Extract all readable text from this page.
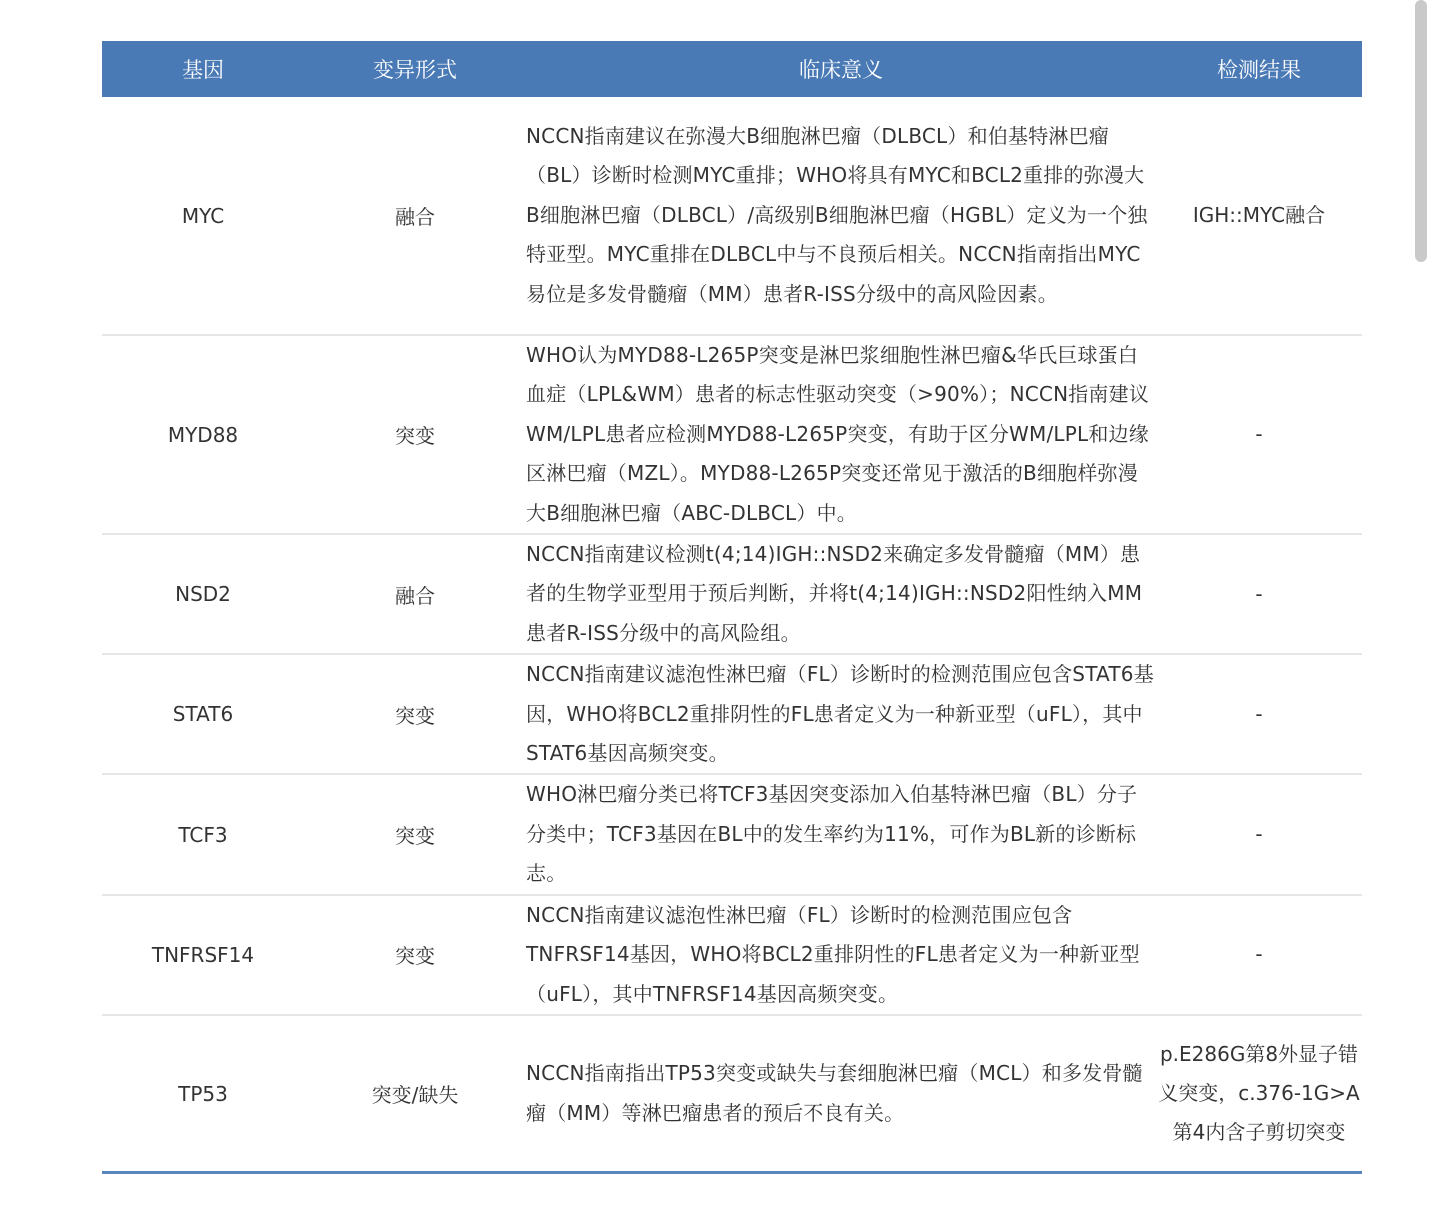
基因	变异形式	临床意义	检测结果
MYC	融合	NCCN指南建议在弥漫大B细胞淋巴瘤（DLBCL）和伯基特淋巴瘤（BL）诊断时检测MYC重排；WHO将具有MYC和BCL2重排的弥漫大B细胞淋巴瘤（DLBCL）/高级别B细胞淋巴瘤（HGBL）定义为一个独特亚型。MYC重排在DLBCL中与不良预后相关。NCCN指南指出MYC易位是多发骨髓瘤（MM）患者R-ISS分级中的高风险因素。	IGH::MYC融合
MYD88	突变	WHO认为MYD88-L265P突变是淋巴浆细胞性淋巴瘤&华氏巨球蛋白血症（LPL&WM）患者的标志性驱动突变（>90%）；NCCN指南建议WM/LPL患者应检测MYD88-L265P突变，有助于区分WM/LPL和边缘区淋巴瘤（MZL）。MYD88-L265P突变还常见于激活的B细胞样弥漫大B细胞淋巴瘤（ABC-DLBCL）中。	-
NSD2	融合	NCCN指南建议检测t(4;14)IGH::NSD2来确定多发骨髓瘤（MM）患者的生物学亚型用于预后判断，并将t(4;14)IGH::NSD2阳性纳入MM患者R-ISS分级中的高风险组。	-
STAT6	突变	NCCN指南建议滤泡性淋巴瘤（FL）诊断时的检测范围应包含STAT6基因，WHO将BCL2重排阴性的FL患者定义为一种新亚型（uFL），其中STAT6基因高频突变。	-
TCF3	突变	WHO淋巴瘤分类已将TCF3基因突变添加入伯基特淋巴瘤（BL）分子分类中；TCF3基因在BL中的发生率约为11%，可作为BL新的诊断标志。	-
TNFRSF14	突变	NCCN指南建议滤泡性淋巴瘤（FL）诊断时的检测范围应包含TNFRSF14基因，WHO将BCL2重排阴性的FL患者定义为一种新亚型（uFL），其中TNFRSF14基因高频突变。	-
TP53	突变/缺失	NCCN指南指出TP53突变或缺失与套细胞淋巴瘤（MCL）和多发骨髓瘤（MM）等淋巴瘤患者的预后不良有关。	p.E286G第8外显子错义突变，c.376-1G>A第4内含子剪切突变
